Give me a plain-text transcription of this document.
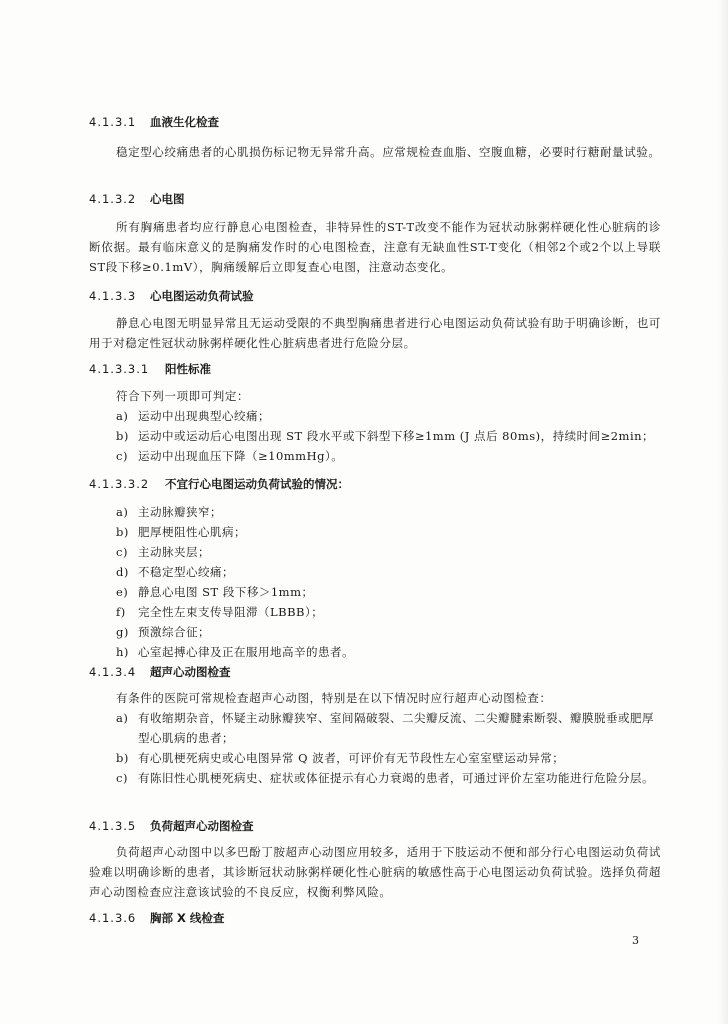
4.1.3.1 血液生化检查
稳定型心绞痛患者的心肌损伤标记物无异常升高。应常规检查血脂、空腹血糖，必要时行糖耐量试验。
4.1.3.2 心电图
所有胸痛患者均应行静息心电图检查，非特异性的ST-T改变不能作为冠状动脉粥样硬化性心脏病的诊断依据。最有临床意义的是胸痛发作时的心电图检查，注意有无缺血性ST-T变化（相邻2个或2个以上导联ST段下移≥0.1mV），胸痛缓解后立即复查心电图，注意动态变化。
4.1.3.3 心电图运动负荷试验
静息心电图无明显异常且无运动受限的不典型胸痛患者进行心电图运动负荷试验有助于明确诊断，也可用于对稳定性冠状动脉粥样硬化性心脏病患者进行危险分层。
4.1.3.3.1 阳性标准
符合下列一项即可判定：
a) 运动中出现典型心绞痛；
b) 运动中或运动后心电图出现 ST 段水平或下斜型下移≥1mm (J 点后 80ms)，持续时间≥2min；
c) 运动中出现血压下降（≥10mmHg）。
4.1.3.3.2 不宜行心电图运动负荷试验的情况：
a) 主动脉瓣狭窄；
b) 肥厚梗阻性心肌病；
c) 主动脉夹层；
d) 不稳定型心绞痛；
e) 静息心电图 ST 段下移＞1mm；
f)	完全性左束支传导阻滞（LBBB）；
g) 预激综合征；
h) 心室起搏心律及正在服用地高辛的患者。
4.1.3.4 超声心动图检查
有条件的医院可常规检查超声心动图，特别是在以下情况时应行超声心动图检查：
a) 有收缩期杂音，怀疑主动脉瓣狭窄、室间隔破裂、二尖瓣反流、二尖瓣腱索断裂、瓣膜脱垂或肥厚型心肌病的患者；
b) 有心肌梗死病史或心电图异常 Q 波者，可评价有无节段性左心室室壁运动异常；
c) 有陈旧性心肌梗死病史、症状或体征提示有心力衰竭的患者，可通过评价左室功能进行危险分层。
4.1.3.5 负荷超声心动图检查
负荷超声心动图中以多巴酚丁胺超声心动图应用较多，适用于下肢运动不便和部分行心电图运动负荷试验难以明确诊断的患者，其诊断冠状动脉粥样硬化性心脏病的敏感性高于心电图运动负荷试验。选择负荷超声心动图检查应注意该试验的不良反应，权衡利弊风险。
4.1.3.6 胸部 X 线检查
3
